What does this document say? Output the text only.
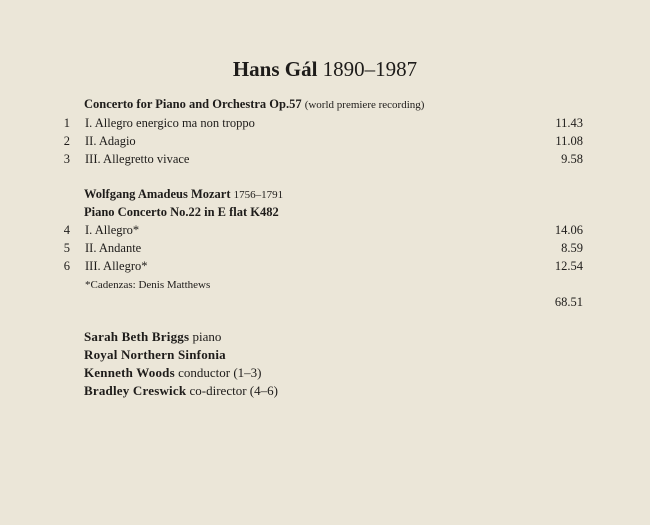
Hans Gál 1890–1987
Concerto for Piano and Orchestra Op.57 (world premiere recording)
1 I. Allegro energico ma non troppo	11.43
2 II. Adagio	11.08
3 III. Allegretto vivace	9.58
Wolfgang Amadeus Mozart 1756–1791
Piano Concerto No.22 in E flat K482
4 I. Allegro*	14.06
5 II. Andante	8.59
6 III. Allegro*	12.54
*Cadenzas: Denis Matthews
68.51
Sarah Beth Briggs piano
Royal Northern Sinfonia
Kenneth Woods conductor (1–3)
Bradley Creswick co-director (4–6)
